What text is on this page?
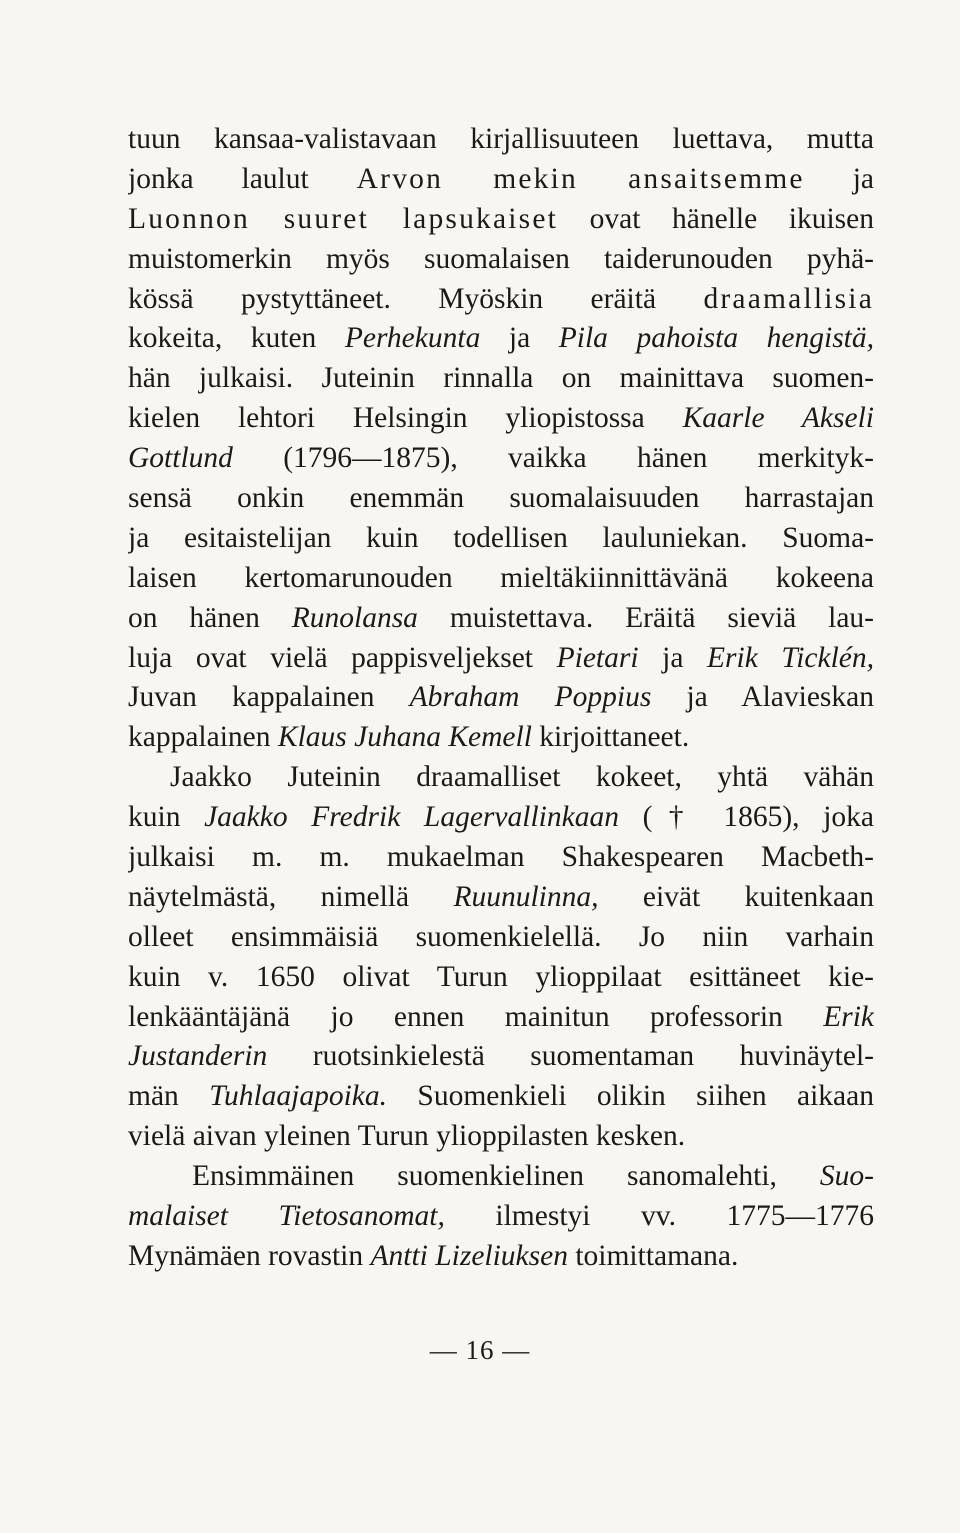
tuun kansaa-valistavaan kirjallisuuteen luettava, mutta
jonka laulut Arvon mekin ansaitsemme ja
Luonnon suuret lapsukaiset ovat hänelle ikuisen
muistomerkin myös suomalaisen taiderunouden pyhä-
kössä pystyttäneet. Myöskin eräitä draamallisia
kokeita, kuten Perhekunta ja Pila pahoista hengistä,
hän julkaisi. Juteinin rinnalla on mainittava suomen-
kielen lehtori Helsingin yliopistossa Kaarle Akseli
Gottlund (1796—1875), vaikka hänen merkityk-
sensä onkin enemmän suomalaisuuden harrastajan
ja esitaistelijan kuin todellisen lauluniekan. Suoma-
laisen kertomarunouden mieltäkiinnittävänä kokeena
on hänen Runolansa muistettava. Eräitä sieviä lau-
luja ovat vielä pappisveljekset Pietari ja Erik Ticklén,
Juvan kappalainen Abraham Poppius ja Alavieskan
kappalainen Klaus Juhana Kemell kirjoittaneet.
Jaakko Juteinin draamalliset kokeet, yhtä vähän
kuin Jaakko Fredrik Lagervallinkaan († 1865), joka
julkaisi m. m. mukaelman Shakespearen Macbeth-
näytelmästä, nimellä Ruunulinna, eivät kuitenkaan
olleet ensimmäisiä suomenkielellä. Jo niin varhain
kuin v. 1650 olivat Turun ylioppilaat esittäneet kie-
lenkääntäjänä jo ennen mainitun professorin Erik
Justanderin ruotsinkielestä suomentaman huvinäytel-
män Tuhlaajapoika. Suomenkieli olikin siihen aikaan
vielä aivan yleinen Turun ylioppilasten kesken.
Ensimmäinen suomenkielinen sanomalehti, Suo-
malaiset Tietosanomat, ilmestyi vv. 1775—1776
Mynämäen rovastin Antti Lizeliuksen toimittamana.
— 16 —
